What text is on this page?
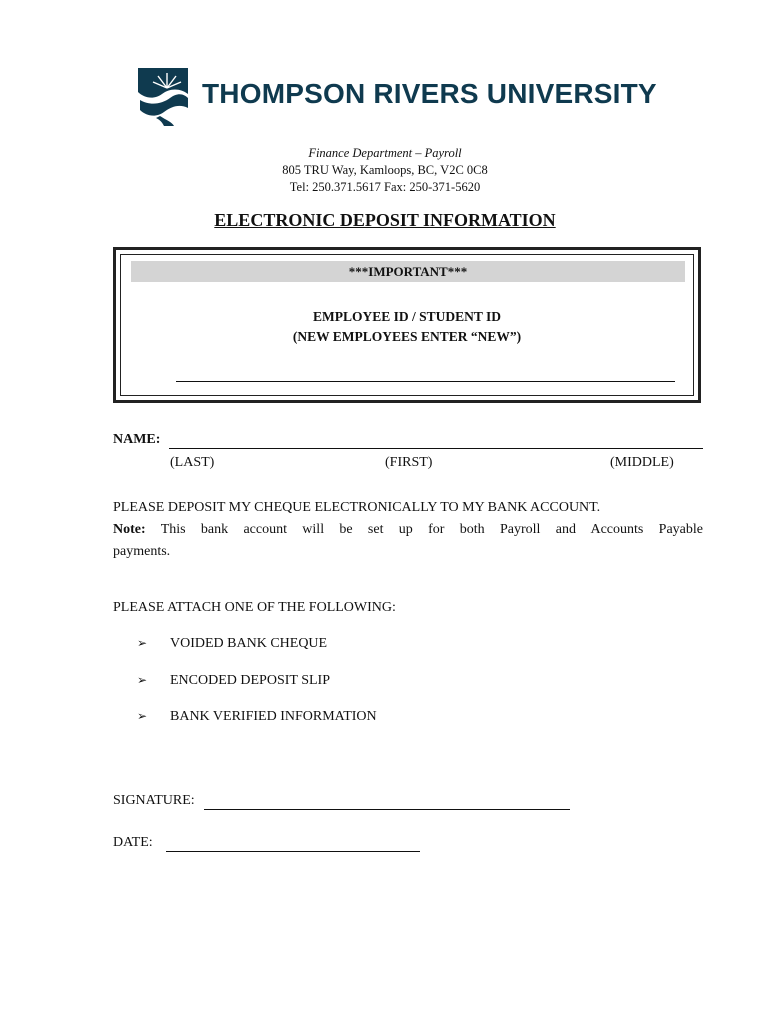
THOMPSON RIVERS UNIVERSITY
Finance Department – Payroll
805 TRU Way, Kamloops, BC, V2C 0C8
Tel: 250.371.5617 Fax: 250-371-5620
ELECTRONIC DEPOSIT INFORMATION
***IMPORTANT***
EMPLOYEE ID / STUDENT ID
(NEW EMPLOYEES ENTER “NEW”)
NAME:
(LAST)	(FIRST)	(MIDDLE)
PLEASE DEPOSIT MY CHEQUE ELECTRONICALLY TO MY BANK ACCOUNT.
Note: This bank account will be set up for both Payroll and Accounts Payable
payments.
PLEASE ATTACH ONE OF THE FOLLOWING:
➢ VOIDED BANK CHEQUE
➢ ENCODED DEPOSIT SLIP
➢ BANK VERIFIED INFORMATION
SIGNATURE:
DATE:
